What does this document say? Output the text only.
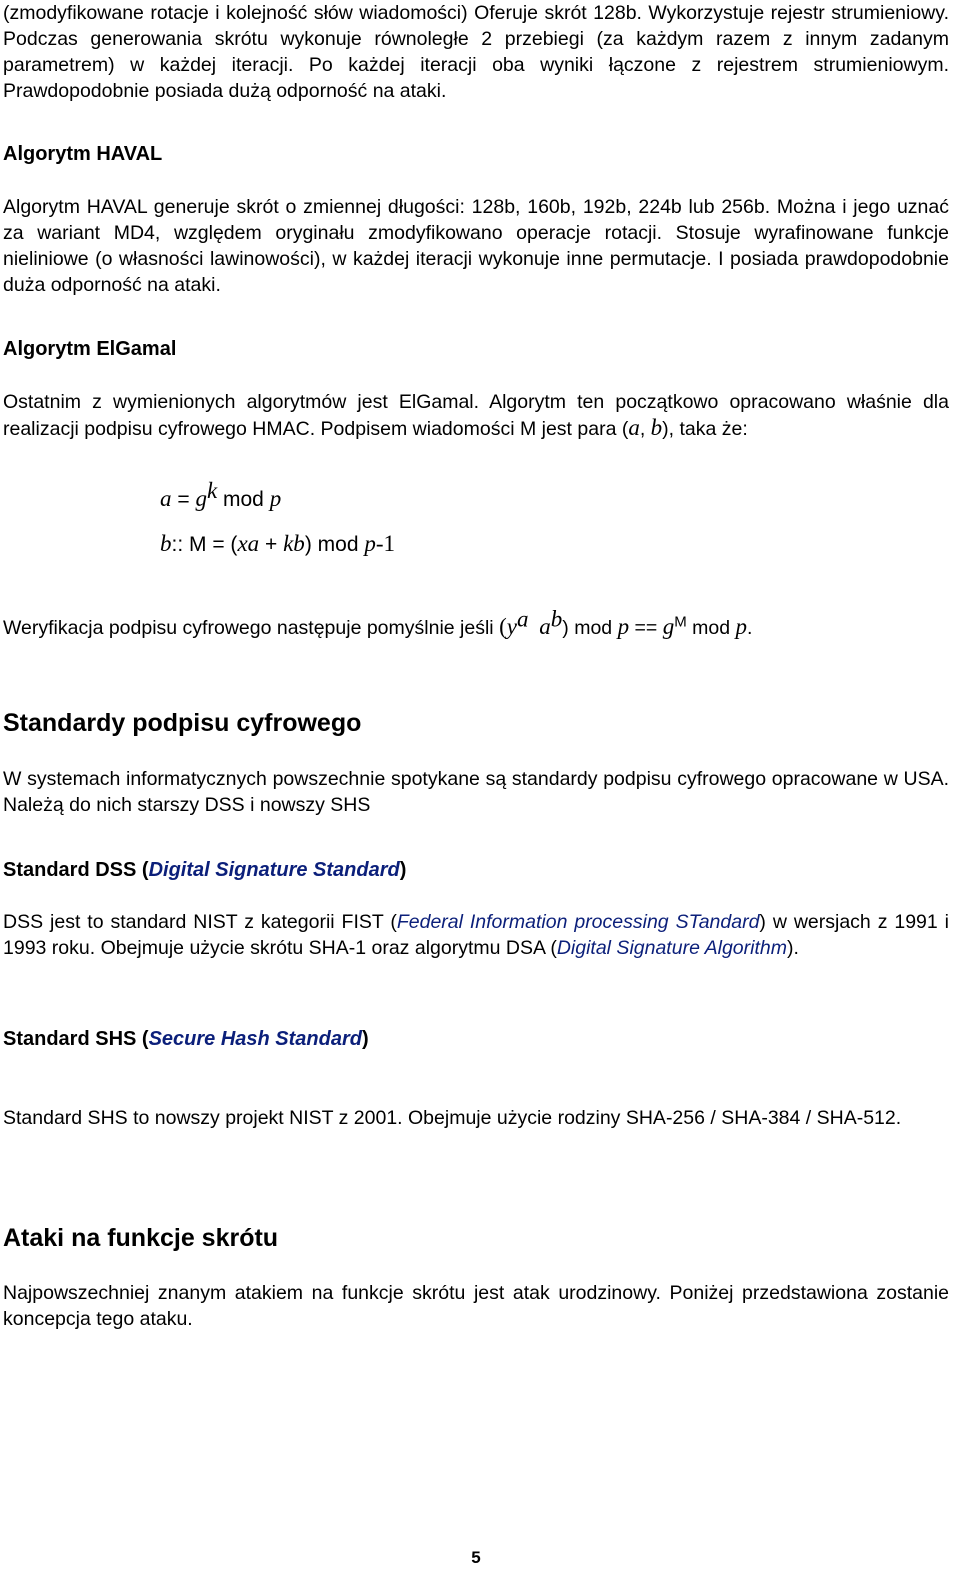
(zmodyfikowane rotacje i kolejność słów wiadomości) Oferuje skrót 128b. Wykorzystuje rejestr strumieniowy. Podczas generowania skrótu wykonuje równoległe 2 przebiegi (za każdym razem z innym zadanym parametrem) w każdej iteracji. Po każdej iteracji oba wyniki łączone z rejestrem strumieniowym. Prawdopodobnie posiada dużą odporność na ataki.

Algorytm HAVAL

Algorytm HAVAL generuje skrót o zmiennej długości: 128b, 160b, 192b, 224b lub 256b. Można i jego uznać za wariant MD4, względem oryginału zmodyfikowano operacje rotacji. Stosuje wyrafinowane funkcje nieliniowe (o własności lawinowości), w każdej iteracji wykonuje inne permutacje. I posiada prawdopodobnie duża odporność na ataki.

Algorytm ElGamal

Ostatnim z wymienionych algorytmów jest ElGamal. Algorytm ten początkowo opracowano właśnie dla realizacji podpisu cyfrowego HMAC. Podpisem wiadomości M jest para (a, b), taka że:

$a = g^k$ mod p
b:: M = (xa + kb) mod p-1

Weryfikacja podpisu cyfrowego następuje pomyślnie jeśli ($y^a$ $a^b$) mod $p == g^M$ mod p.

Standardy podpisu cyfrowego

W systemach informatycznych powszechnie spotykane są standardy podpisu cyfrowego opracowane w USA. Należą do nich starszy DSS i nowszy SHS

Standard DSS (Digital Signature Standard)

DSS jest to standard NIST z kategorii FIST (Federal Information processing STandard) w wersjach z 1991 i 1993 roku. Obejmuje użycie skrótu SHA-1 oraz algorytmu DSA (Digital Signature Algorithm).

Standard SHS (Secure Hash Standard)

Standard SHS to nowszy projekt NIST z 2001. Obejmuje użycie rodziny SHA-256 / SHA-384 / SHA-512.

Ataki na funkcje skrótu

Najpowszechniej znanym atakiem na funkcje skrótu jest atak urodzinowy. Poniżej przedstawiona zostanie koncepcja tego ataku.

5
